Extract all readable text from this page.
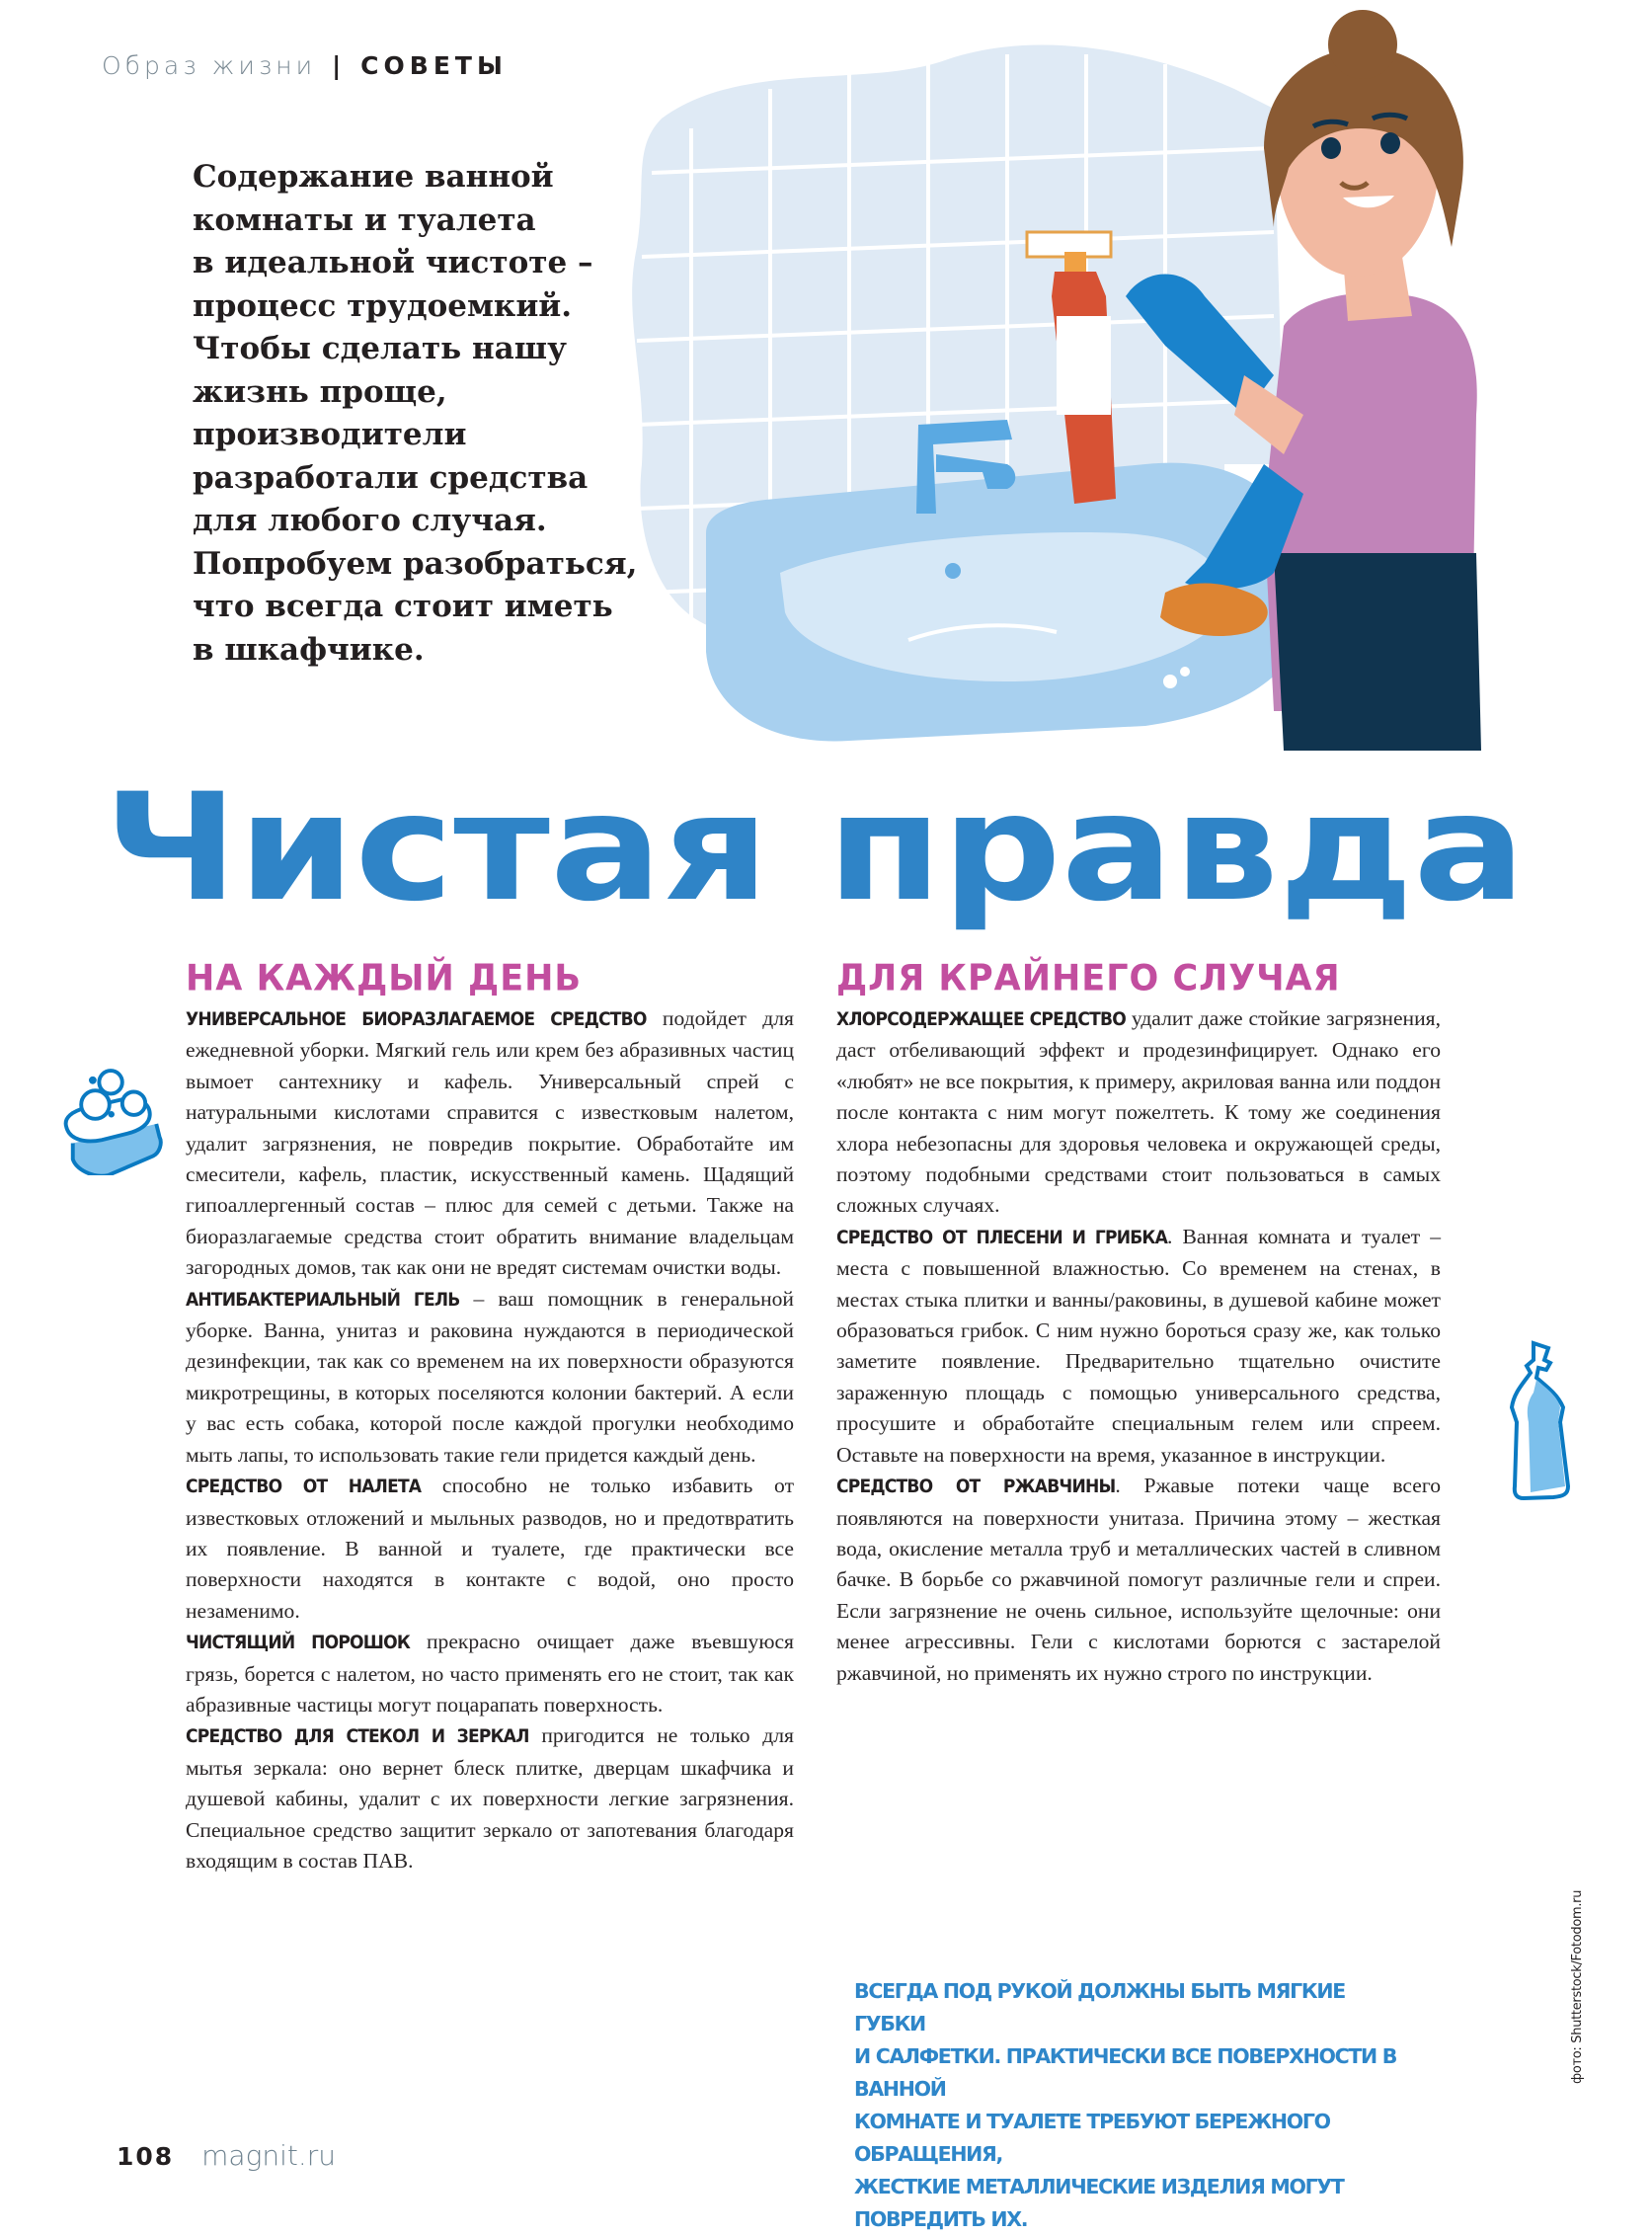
Образ жизни | СОВЕТЫ
Содержание ванной
комнаты и туалета
в идеальной чистоте –
процесс трудоемкий.
Чтобы сделать нашу
жизнь проще,
производители
разработали средства
для любого случая.
Попробуем разобраться,
что всегда стоит иметь
в шкафчике.
Чистая правда
НА КАЖДЫЙ ДЕНЬ

УНИВЕРСАЛЬНОЕ БИОРАЗЛАГАЕМОЕ СРЕДСТВО подойдет для ежедневной уборки. Мягкий гель или крем без абразивных частиц вымоет сантехнику и кафель. Универсальный спрей с натуральными кислотами справится с известковым налетом, удалит загрязнения, не повредив покрытие. Обработайте им смесители, кафель, пластик, искусственный камень. Щадящий гипоаллергенный состав – плюс для семей с детьми. Также на биоразлагаемые средства стоит обратить внимание владельцам загородных домов, так как они не вредят системам очистки воды.

АНТИБАКТЕРИАЛЬНЫЙ ГЕЛЬ – ваш помощник в генеральной уборке. Ванна, унитаз и раковина нуждаются в периодической дезинфекции, так как со временем на их поверхности образуются микротрещины, в которых поселяются колонии бактерий. А если у вас есть собака, которой после каждой прогулки необходимо мыть лапы, то использовать такие гели придется каждый день.

СРЕДСТВО ОТ НАЛЕТА способно не только избавить от известковых отложений и мыльных разводов, но и предотвратить их появление. В ванной и туалете, где практически все поверхности находятся в контакте с водой, оно просто незаменимо.

ЧИСТЯЩИЙ ПОРОШОК прекрасно очищает даже въевшуюся грязь, борется с налетом, но часто применять его не стоит, так как абразивные частицы могут поцарапать поверхность.

СРЕДСТВО ДЛЯ СТЕКОЛ И ЗЕРКАЛ пригодится не только для мытья зеркала: оно вернет блеск плитке, дверцам шкафчика и душевой кабины, удалит с их поверхности легкие загрязнения. Специальное средство защитит зеркало от запотевания благодаря входящим в состав ПАВ.

ДЛЯ КРАЙНЕГО СЛУЧАЯ

ХЛОРСОДЕРЖАЩЕЕ СРЕДСТВО удалит даже стойкие загрязнения, даст отбеливающий эффект и продезинфицирует. Однако его «любят» не все покрытия, к примеру, акриловая ванна или поддон после контакта с ним могут пожелтеть. К тому же соединения хлора небезопасны для здоровья человека и окружающей среды, поэтому подобными средствами стоит пользоваться в самых сложных случаях.

СРЕДСТВО ОТ ПЛЕСЕНИ И ГРИБКА. Ванная комната и туалет – места с повышенной влажностью. Со временем на стенах, в местах стыка плитки и ванны/раковины, в душевой кабине может образоваться грибок. С ним нужно бороться сразу же, как только заметите появление. Предварительно тщательно очистите зараженную площадь с помощью универсального средства, просушите и обработайте специальным гелем или спреем. Оставьте на поверхности на время, указанное в инструкции.

СРЕДСТВО ОТ РЖАВЧИНЫ. Ржавые потеки чаще всего появляются на поверхности унитаза. Причина этому – жесткая вода, окисление металла труб и металлических частей в сливном бачке. В борьбе со ржавчиной помогут различные гели и спреи. Если загрязнение не очень сильное, используйте щелочные: они менее агрессивны. Гели с кислотами борются с застарелой ржавчиной, но применять их нужно строго по инструкции.

ВСЕГДА ПОД РУКОЙ ДОЛЖНЫ БЫТЬ МЯГКИЕ ГУБКИ
И САЛФЕТКИ. ПРАКТИЧЕСКИ ВСЕ ПОВЕРХНОСТИ В ВАННОЙ
КОМНАТЕ И ТУАЛЕТЕ ТРЕБУЮТ БЕРЕЖНОГО ОБРАЩЕНИЯ,
ЖЕСТКИЕ МЕТАЛЛИЧЕСКИЕ ИЗДЕЛИЯ МОГУТ ПОВРЕДИТЬ ИХ.
фото: Shutterstock/Fotodom.ru
108 magnit.ru
